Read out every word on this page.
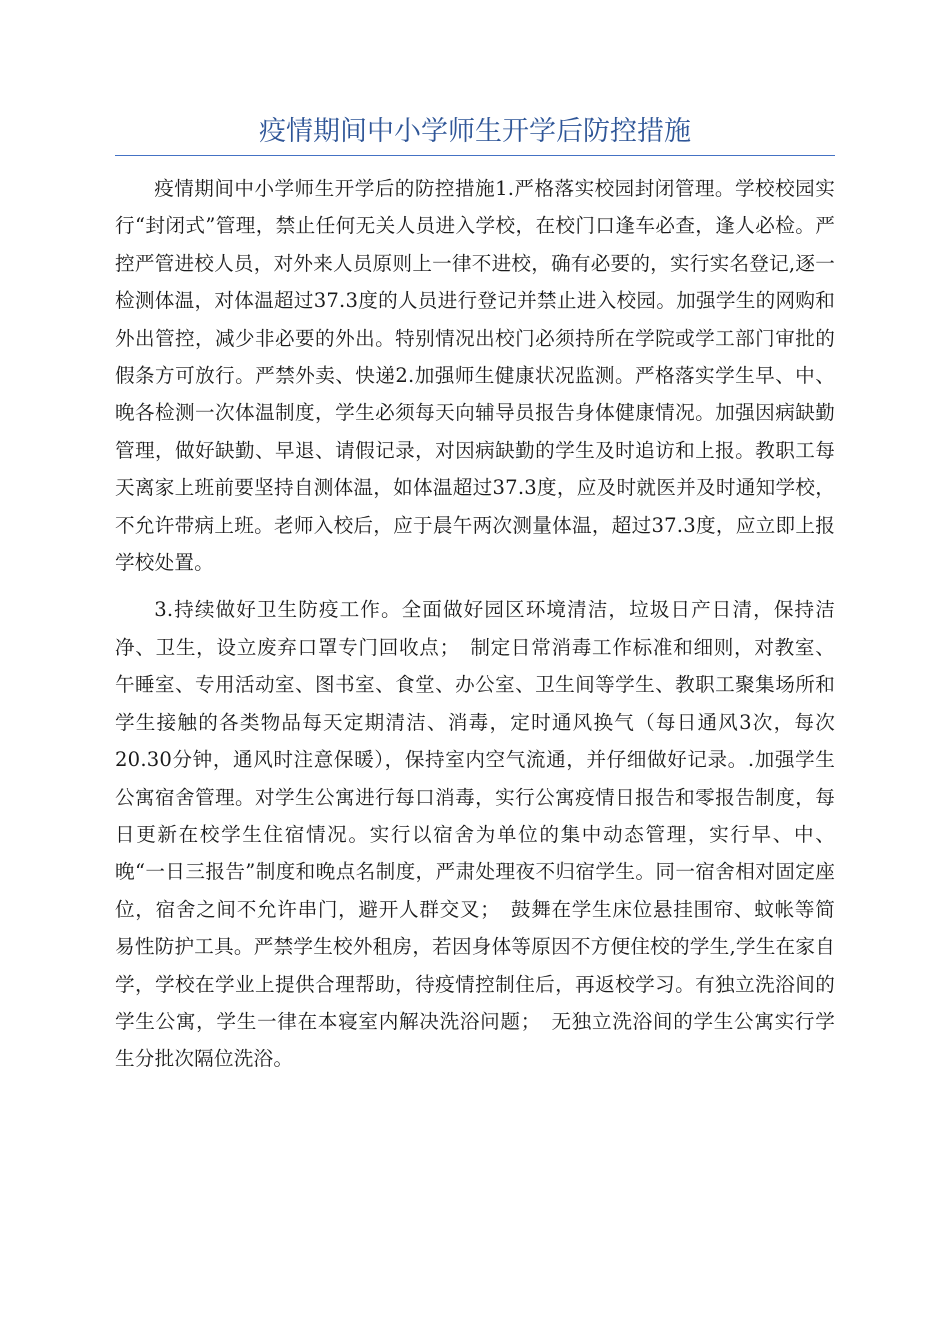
疫情期间中小学师生开学后防控措施

疫情期间中小学师生开学后的防控措施1.严格落实校园封闭管理。学校校园实行“封闭式”管理，禁止任何无关人员进入学校，在校门口逢车必查，逢人必检。严控严管进校人员，对外来人员原则上一律不进校，确有必要的，实行实名登记,逐一检测体温，对体温超过37.3度的人员进行登记并禁止进入校园。加强学生的网购和外出管控，减少非必要的外出。特别情况出校门必须持所在学院或学工部门审批的假条方可放行。严禁外卖、快递2.加强师生健康状况监测。严格落实学生早、中、晚各检测一次体温制度，学生必须每天向辅导员报告身体健康情况。加强因病缺勤管理，做好缺勤、早退、请假记录，对因病缺勤的学生及时追访和上报。教职工每天离家上班前要坚持自测体温，如体温超过37.3度，应及时就医并及时通知学校，不允许带病上班。老师入校后，应于晨午两次测量体温，超过37.3度，应立即上报学校处置。

3.持续做好卫生防疫工作。全面做好园区环境清洁，垃圾日产日清，保持洁净、卫生，设立废弃口罩专门回收点；　制定日常消毒工作标准和细则，对教室、午睡室、专用活动室、图书室、食堂、办公室、卫生间等学生、教职工聚集场所和学生接触的各类物品每天定期清洁、消毒，定时通风换气（每日通风3次，每次20.30分钟，通风时注意保暖），保持室内空气流通，并仔细做好记录。.加强学生公寓宿舍管理。对学生公寓进行每口消毒，实行公寓疫情日报告和零报告制度，每日更新在校学生住宿情况。实行以宿舍为单位的集中动态管理，实行早、中、晚“一日三报告”制度和晚点名制度，严肃处理夜不归宿学生。同一宿舍相对固定座位，宿舍之间不允许串门，避开人群交叉；　鼓舞在学生床位悬挂围帘、蚊帐等简易性防护工具。严禁学生校外租房，若因身体等原因不方便住校的学生,学生在家自学，学校在学业上提供合理帮助，待疫情控制住后，再返校学习。有独立洗浴间的学生公寓，学生一律在本寝室内解决洗浴问题；　无独立洗浴间的学生公寓实行学生分批次隔位洗浴。
